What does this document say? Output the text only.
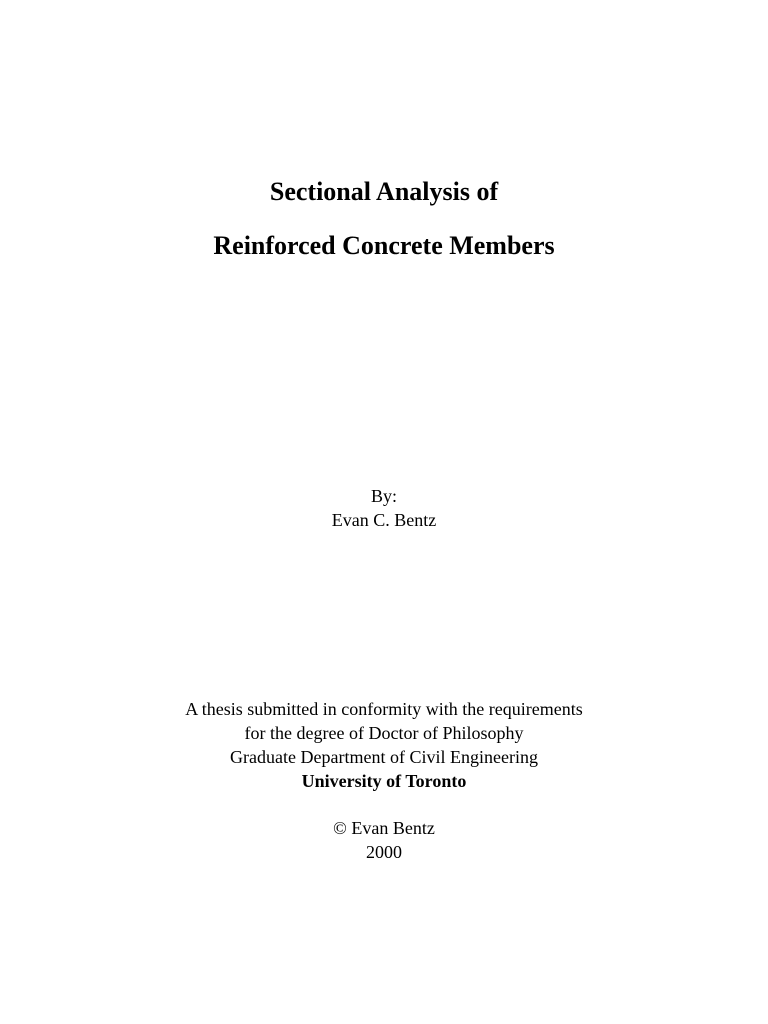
Sectional Analysis of
Reinforced Concrete Members
By:
Evan C. Bentz
A thesis submitted in conformity with the requirements
for the degree of Doctor of Philosophy
Graduate Department of Civil Engineering
University of Toronto
© Evan Bentz
2000
